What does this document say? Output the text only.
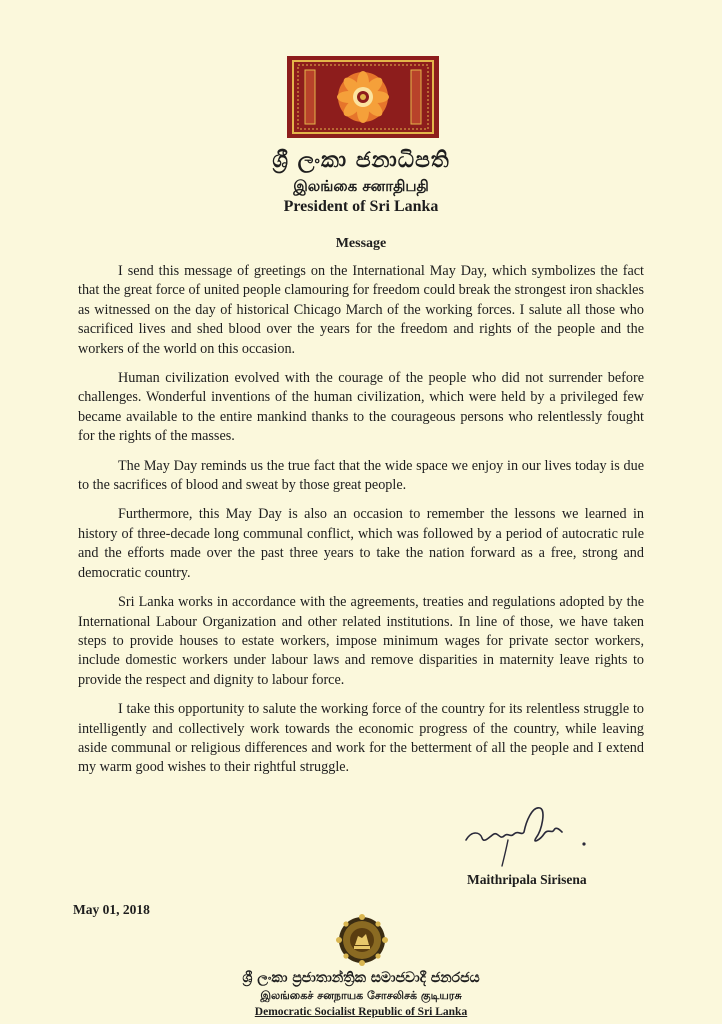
ශ්‍රී ලංකා ජනාධිපති
இலங்கை சனாதிபதி
President of Sri Lanka
Message

I send this message of greetings on the International May Day, which symbolizes the fact that the great force of united people clamouring for freedom could break the strongest iron shackles as witnessed on the day of historical Chicago March of the working forces. I salute all those who sacrificed lives and shed blood over the years for the freedom and rights of the people and the workers of the world on this occasion.

Human civilization evolved with the courage of the people who did not surrender before challenges. Wonderful inventions of the human civilization, which were held by a privileged few became available to the entire mankind thanks to the courageous persons who relentlessly fought for the rights of the masses.

The May Day reminds us the true fact that the wide space we enjoy in our lives today is due to the sacrifices of blood and sweat by those great people.

Furthermore, this May Day is also an occasion to remember the lessons we learned in history of three-decade long communal conflict, which was followed by a period of autocratic rule and the efforts made over the past three years to take the nation forward as a free, strong and democratic country.

Sri Lanka works in accordance with the agreements, treaties and regulations adopted by the International Labour Organization and other related institutions. In line of those, we have taken steps to provide houses to estate workers, impose minimum wages for private sector workers, include domestic workers under labour laws and remove disparities in maternity leave rights to provide the respect and dignity to labour force.

I take this opportunity to salute the working force of the country for its relentless struggle to intelligently and collectively work towards the economic progress of the country, while leaving aside communal or religious differences and work for the betterment of all the people and I extend my warm good wishes to their rightful struggle.

Maithripala Sirisena
May 01, 2018
ශ්‍රී ලංකා ප්‍රජාතාන්ත්‍රික සමාජවාදී ජනරජය
இலங்கைச் சனநாயக சோசலிசக் குடியரசு
Democratic Socialist Republic of Sri Lanka
